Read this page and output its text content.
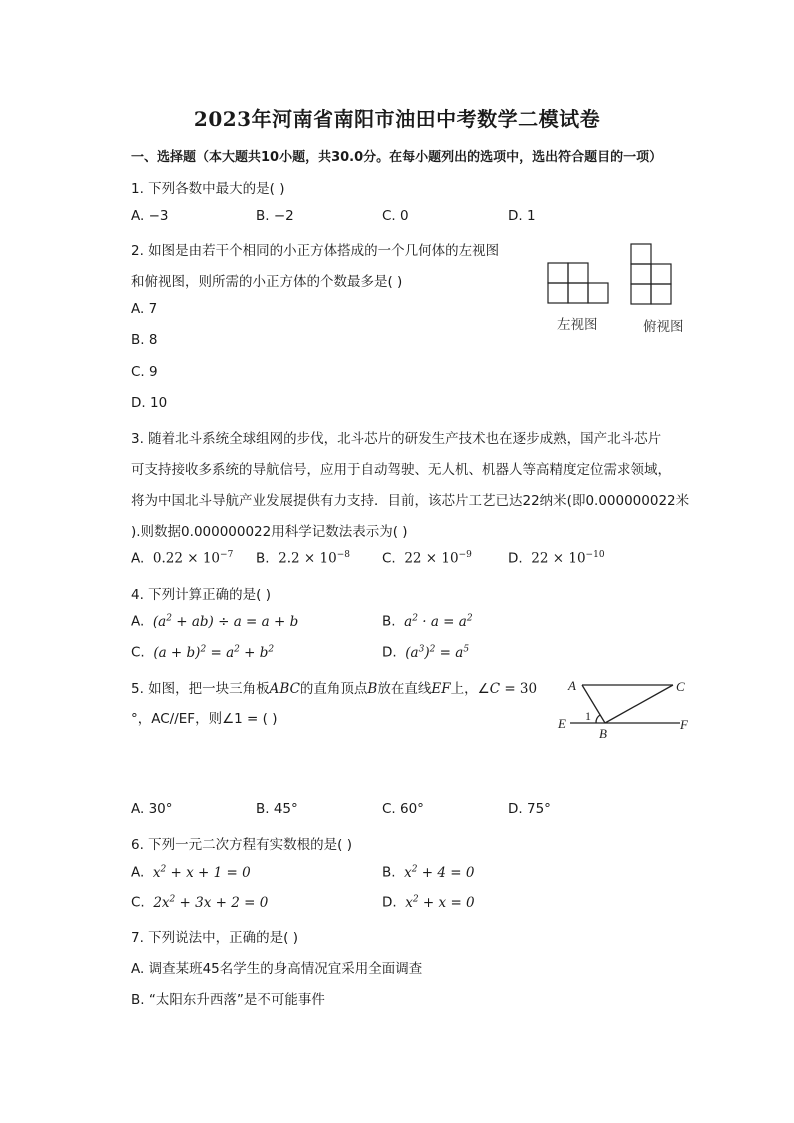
2023年河南省南阳市油田中考数学二模试卷
一、选择题（本大题共10小题，共30.0分。在每小题列出的选项中，选出符合题目的一项）
1. 下列各数中最大的是( )
A. −3	B. −2	C. 0	D. 1
2. 如图是由若干个相同的小正方体搭成的一个几何体的左视图
和俯视图，则所需的小正方体的个数最多是( )
A. 7
B. 8
C. 9
D. 10
左视图	俯视图
3. 随着北斗系统全球组网的步伐，北斗芯片的研发生产技术也在逐步成熟，国产北斗芯片
可支持接收多系统的导航信号，应用于自动驾驶、无人机、机器人等高精度定位需求领域，
将为中国北斗导航产业发展提供有力支持．目前，该芯片工艺已达22纳米(即0.000000022米
).则数据0.000000022用科学记数法表示为( )
A. $0.22 \times 10^{-7}$ B. $2.2 \times 10^{-8}$ C. $22 \times 10^{-9}$	D. $22 \times 10^{-10}$
4. 下列计算正确的是( )
A. $(a^2 + ab) \div a = a + b$	B. $a^2 \cdot a = a^2$
C. $(a + b)^2 = a^2 + b^2$	D. $(a^3)^2 = a^5$
5. 如图，把一块三角板ABC的直角顶点B放在直线EF上，∠C = 30
°，AC//EF，则∠1 = ( )
A	C
E
B
F
1
A. 30°	B. 45°	C. 60°	D. 75°
6. 下列一元二次方程有实数根的是( )
A. $x^2 + x + 1 = 0$	B. $x^2 + 4 = 0$
C. $2x^2 + 3x + 2 = 0$	D. $x^2 + x = 0$
7. 下列说法中，正确的是( )
A. 调查某班45名学生的身高情况宜采用全面调查
B. “太阳东升西落”是不可能事件
